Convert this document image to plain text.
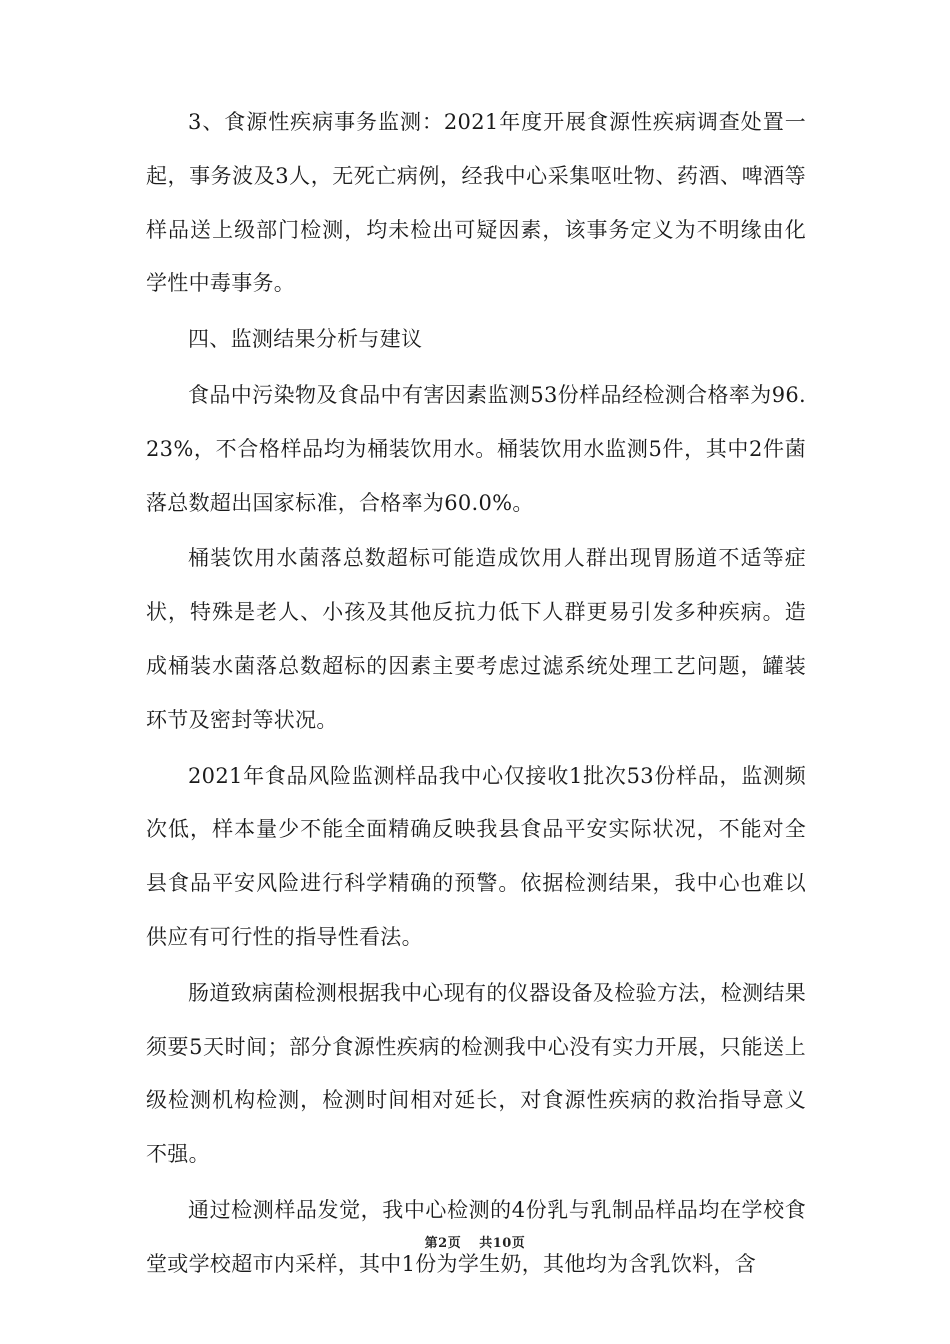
3、食源性疾病事务监测：2021年度开展食源性疾病调查处置一起，事务波及3人，无死亡病例，经我中心采集呕吐物、药酒、啤酒等样品送上级部门检测，均未检出可疑因素，该事务定义为不明缘由化学性中毒事务。

四、监测结果分析与建议

食品中污染物及食品中有害因素监测53份样品经检测合格率为96.23%，不合格样品均为桶装饮用水。桶装饮用水监测5件，其中2件菌落总数超出国家标准，合格率为60.0%。

桶装饮用水菌落总数超标可能造成饮用人群出现胃肠道不适等症状，特殊是老人、小孩及其他反抗力低下人群更易引发多种疾病。造成桶装水菌落总数超标的因素主要考虑过滤系统处理工艺问题，罐装环节及密封等状况。

2021年食品风险监测样品我中心仅接收1批次53份样品，监测频次低，样本量少不能全面精确反映我县食品平安实际状况，不能对全县食品平安风险进行科学精确的预警。依据检测结果，我中心也难以供应有可行性的指导性看法。

肠道致病菌检测根据我中心现有的仪器设备及检验方法，检测结果须要5天时间；部分食源性疾病的检测我中心没有实力开展，只能送上级检测机构检测，检测时间相对延长，对食源性疾病的救治指导意义不强。

通过检测样品发觉，我中心检测的4份乳与乳制品样品均在学校食堂或学校超市内采样，其中1份为学生奶，其他均为含乳饮料，含

第2页 共10页
